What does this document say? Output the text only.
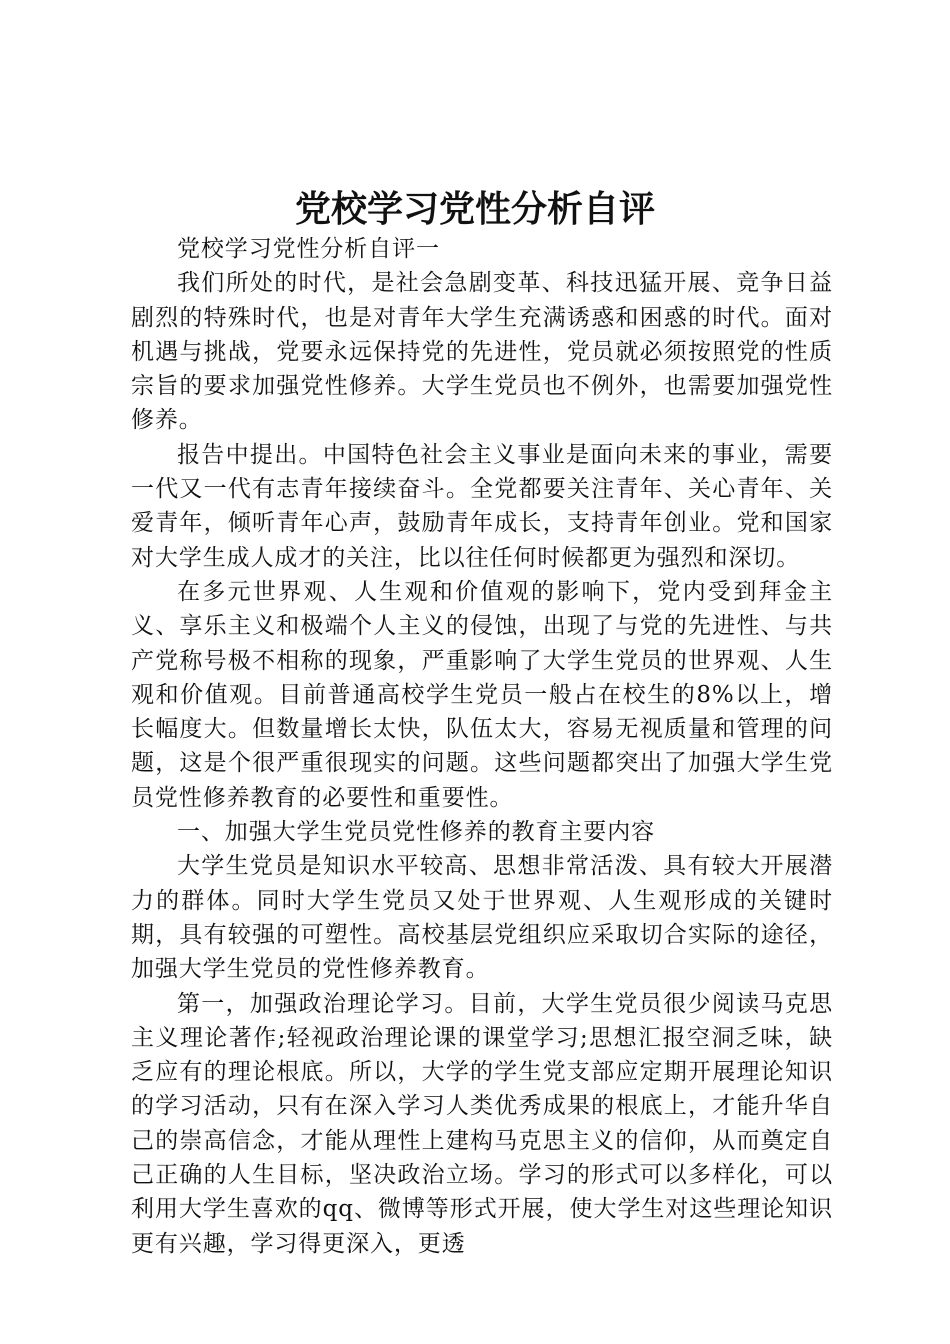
党校学习党性分析自评

党校学习党性分析自评一

我们所处的时代，是社会急剧变革、科技迅猛开展、竞争日益剧烈的特殊时代，也是对青年大学生充满诱惑和困惑的时代。面对机遇与挑战，党要永远保持党的先进性，党员就必须按照党的性质宗旨的要求加强党性修养。大学生党员也不例外，也需要加强党性修养。

报告中提出。中国特色社会主义事业是面向未来的事业，需要一代又一代有志青年接续奋斗。全党都要关注青年、关心青年、关爱青年，倾听青年心声，鼓励青年成长，支持青年创业。党和国家对大学生成人成才的关注，比以往任何时候都更为强烈和深切。

在多元世界观、人生观和价值观的影响下，党内受到拜金主义、享乐主义和极端个人主义的侵蚀，出现了与党的先进性、与共产党称号极不相称的现象，严重影响了大学生党员的世界观、人生观和价值观。目前普通高校学生党员一般占在校生的8%以上，增长幅度大。但数量增长太快，队伍太大，容易无视质量和管理的问题，这是个很严重很现实的问题。这些问题都突出了加强大学生党员党性修养教育的必要性和重要性。

一、加强大学生党员党性修养的教育主要内容

大学生党员是知识水平较高、思想非常活泼、具有较大开展潜力的群体。同时大学生党员又处于世界观、人生观形成的关键时期，具有较强的可塑性。高校基层党组织应采取切合实际的途径，加强大学生党员的党性修养教育。

第一，加强政治理论学习。目前，大学生党员很少阅读马克思主义理论著作;轻视政治理论课的课堂学习;思想汇报空洞乏味，缺乏应有的理论根底。所以，大学的学生党支部应定期开展理论知识的学习活动，只有在深入学习人类优秀成果的根底上，才能升华自己的崇高信念，才能从理性上建构马克思主义的信仰，从而奠定自己正确的人生目标，坚决政治立场。学习的形式可以多样化，可以利用大学生喜欢的qq、微博等形式开展，使大学生对这些理论知识更有兴趣，学习得更深入，更透
